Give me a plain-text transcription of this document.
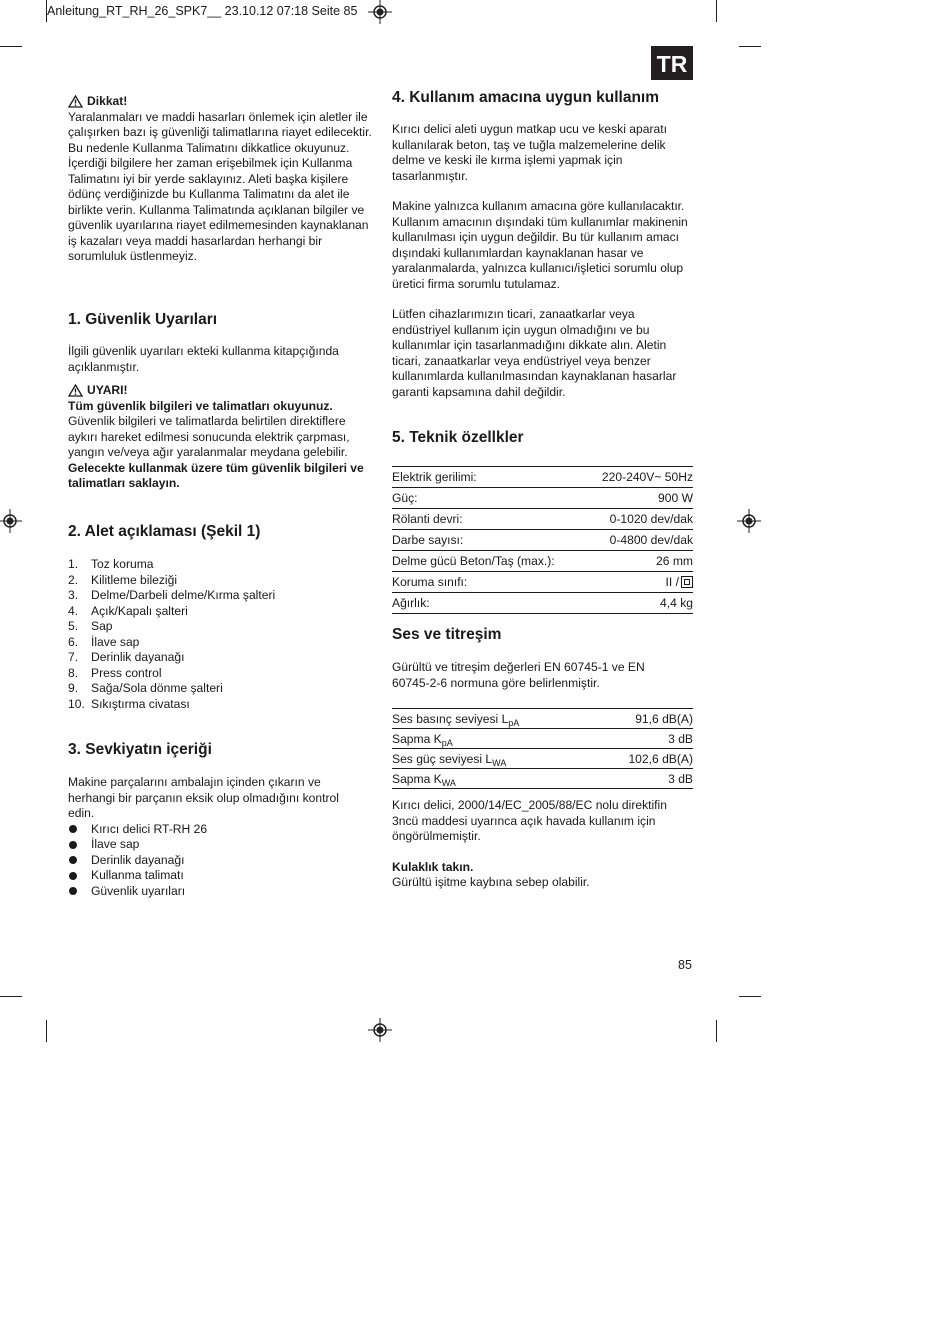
Anleitung_RT_RH_26_SPK7__ 23.10.12 07:18 Seite 85
TR
Dikkat!

Yaralanmaları ve maddi hasarları önlemek için aletler ile çalışırken bazı iş güvenliği talimatlarına riayet edilecektir. Bu nedenle Kullanma Talimatını dikkatlice okuyunuz. İçerdiği bilgilere her zaman erişebilmek için Kullanma Talimatını iyi bir yerde saklayınız. Aleti başka kişilere ödünç verdiğinizde bu Kullanma Talimatını da alet ile birlikte verin. Kullanma Talimatında açıklanan bilgiler ve güvenlik uyarılarına riayet edilmemesinden kaynaklanan iş kazaları veya maddi hasarlardan herhangi bir sorumluluk üstlenmeyiz.

1. Güvenlik Uyarıları

İlgili güvenlik uyarıları ekteki kullanma kitapçığında açıklanmıştır.

UYARI!

Tüm güvenlik bilgileri ve talimatları okuyunuz.

Güvenlik bilgileri ve talimatlarda belirtilen direktiflere aykırı hareket edilmesi sonucunda elektrik çarpması, yangın ve/veya ağır yaralanmalar meydana gelebilir.

Gelecekte kullanmak üzere tüm güvenlik bilgileri ve talimatları saklayın.

2. Alet açıklaması (Şekil 1)
1.	Toz koruma
2.	Kilitleme bileziği
3.	Delme/Darbeli delme/Kırma şalteri
4.	Açık/Kapalı şalteri
5.	Sap
6.	İlave sap
7.	Derinlik dayanağı
8.	Press control
9.	Sağa/Sola dönme şalteri
10. Sıkıştırma civatası
3. Sevkiyatın içeriği

Makine parçalarını ambalajın içinden çıkarın ve herhangi bir parçanın eksik olup olmadığını kontrol edin.

Kırıcı delici RT-RH 26
İlave sap
Derinlik dayanağı
Kullanma talimatı
Güvenlik uyarıları
4. Kullanım amacına uygun kullanım

Kırıcı delici aleti uygun matkap ucu ve keski aparatı kullanılarak beton, taş ve tuğla malzemelerine delik delme ve keski ile kırma işlemi yapmak için tasarlanmıştır.

Makine yalnızca kullanım amacına göre kullanılacaktır. Kullanım amacının dışındaki tüm kullanımlar makinenin kullanılması için uygun değildir. Bu tür kullanım amacı dışındaki kullanımlardan kaynaklanan hasar ve yaralanmalarda, yalnızca kullanıcı/işletici sorumlu olup üretici firma sorumlu tutulamaz.

Lütfen cihazlarımızın ticari, zanaatkarlar veya endüstriyel kullanım için uygun olmadığını ve bu kullanımlar için tasarlanmadığını dikkate alın. Aletin ticari, zanaatkarlar veya endüstriyel veya benzer kullanımlarda kullanılmasından kaynaklanan hasarlar garanti kapsamına dahil değildir.

5. Teknik özellkler
Elektrik gerilimi:	220-240V~ 50Hz
Güç:	900 W
Rölanti devri:	0-1020 dev/dak
Darbe sayısı:	0-4800 dev/dak
Delme gücü Beton/Taş (max.):	26 mm
Koruma sınıfı:	II /
Ağırlık:	4,4 kg
Ses ve titreşim

Gürültü ve titreşim değerleri EN 60745-1 ve EN 60745-2-6 normuna göre belirlenmiştir.

Ses basınç seviyesi $L_{pA}$	91,6 dB(A)
Sapma $K_{pA}$	3 dB
Ses güç seviyesi $L_{WA}$	102,6 dB(A)
Sapma $K_{WA}$	3 dB

Kırıcı delici, 2000/14/EC_2005/88/EC nolu direktifin 3ncü maddesi uyarınca açık havada kullanım için öngörülmemiştir.

Kulaklık takın.

Gürültü işitme kaybına sebep olabilir.

85
